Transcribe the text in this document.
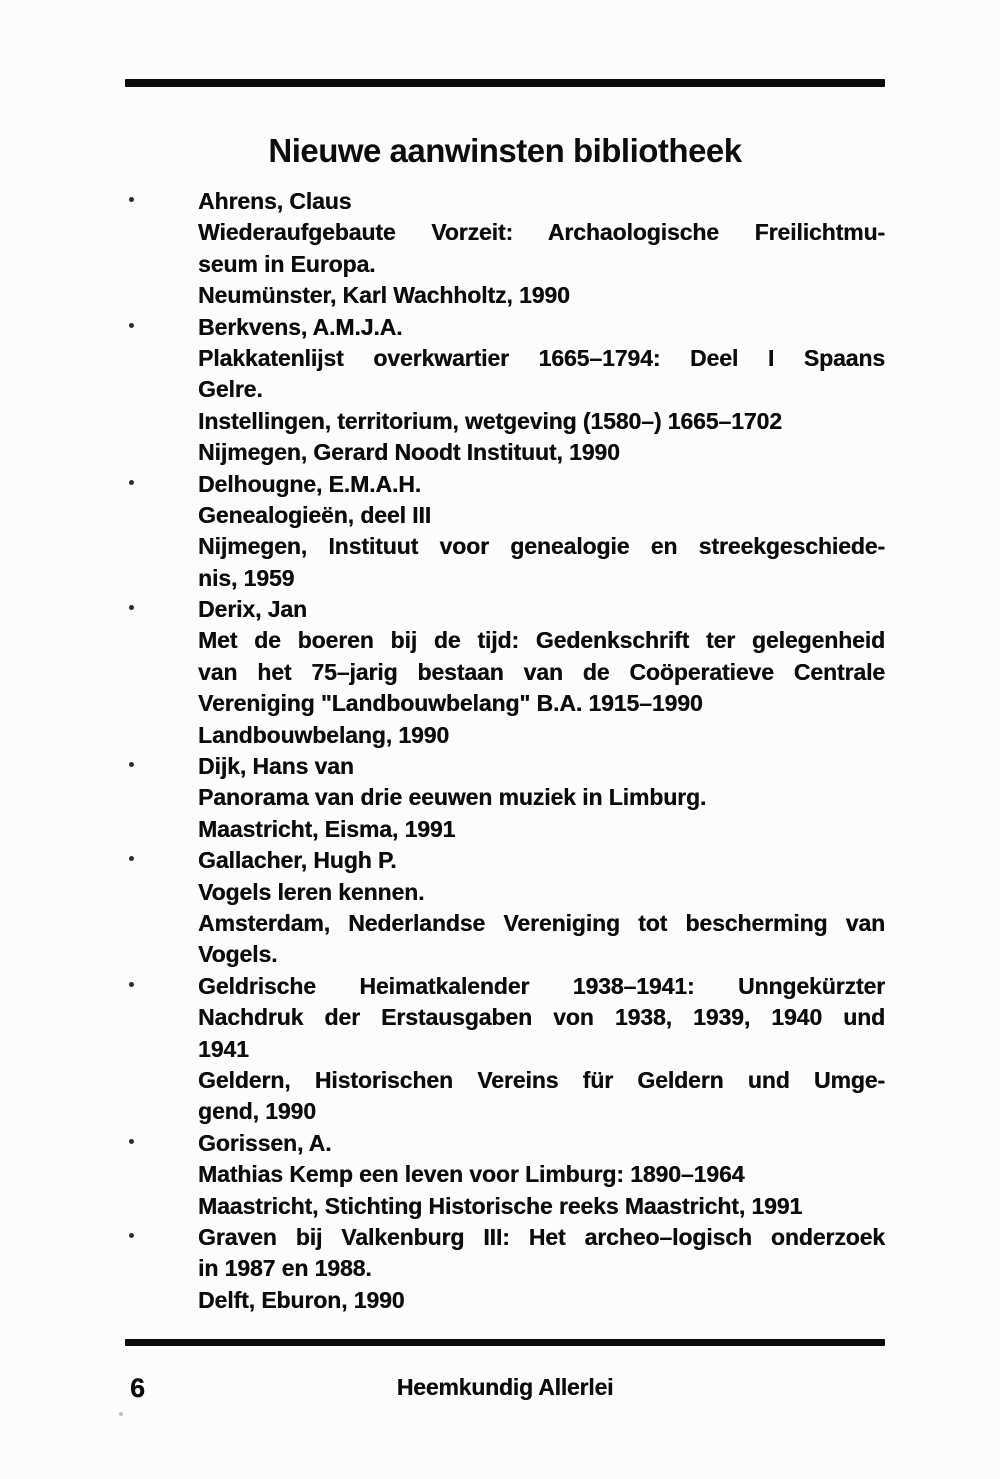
Nieuwe aanwinsten bibliotheek
Ahrens, Claus
Wiederaufgebaute Vorzeit: Archaologische Freilichtmu-
seum in Europa.
Neumünster, Karl Wachholtz, 1990
Berkvens, A.M.J.A.
Plakkatenlijst overkwartier 1665–1794: Deel I Spaans
Gelre.
Instellingen, territorium, wetgeving (1580–) 1665–1702
Nijmegen, Gerard Noodt Instituut, 1990
Delhougne, E.M.A.H.
Genealogieën, deel III
Nijmegen, Instituut voor genealogie en streekgeschiede-
nis, 1959
Derix, Jan
Met de boeren bij de tijd: Gedenkschrift ter gelegenheid
van het 75–jarig bestaan van de Coöperatieve Centrale
Vereniging "Landbouwbelang" B.A. 1915–1990
Landbouwbelang, 1990
Dijk, Hans van
Panorama van drie eeuwen muziek in Limburg.
Maastricht, Eisma, 1991
Gallacher, Hugh P.
Vogels leren kennen.
Amsterdam, Nederlandse Vereniging tot bescherming van
Vogels.
Geldrische Heimatkalender 1938–1941: Unngekürzter
Nachdruk der Erstausgaben von 1938, 1939, 1940 und
1941
Geldern, Historischen Vereins für Geldern und Umge-
gend, 1990
Gorissen, A.
Mathias Kemp een leven voor Limburg: 1890–1964
Maastricht, Stichting Historische reeks Maastricht, 1991
Graven bij Valkenburg III: Het archeo–logisch onderzoek
in 1987 en 1988.
Delft, Eburon, 1990
6	Heemkundig Allerlei
